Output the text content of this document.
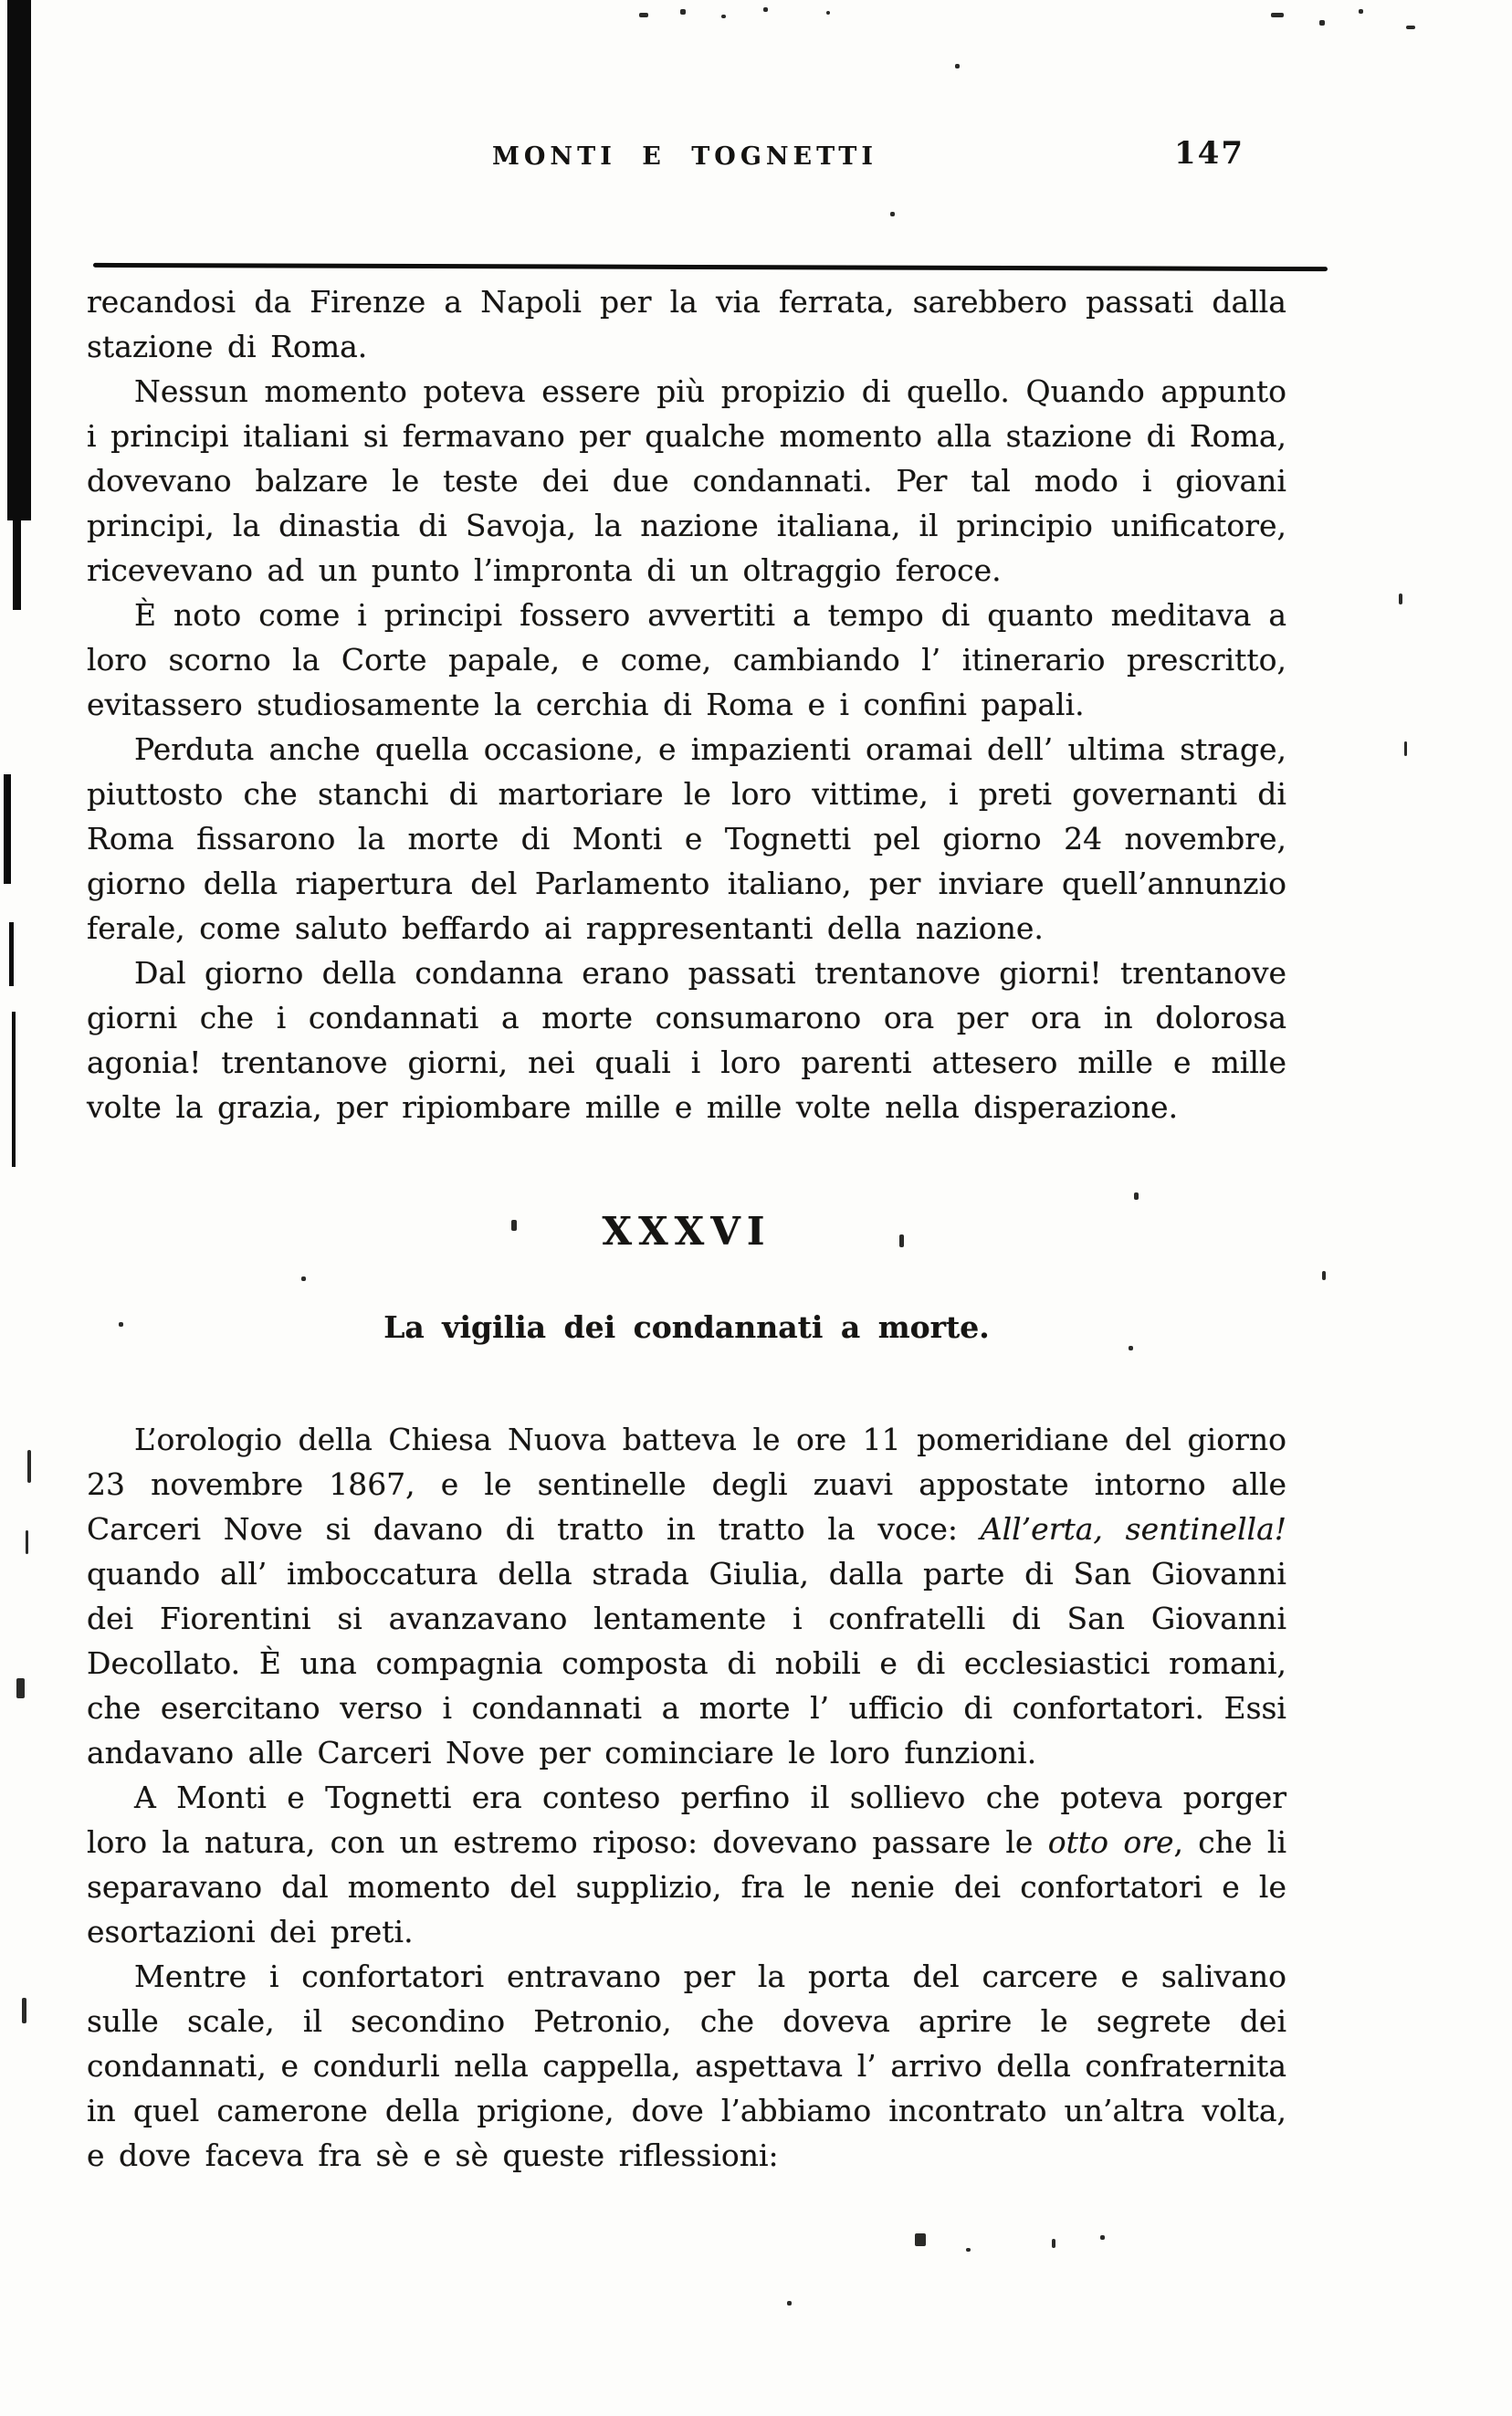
MONTI E TOGNETTI	147

recandosi da Firenze a Napoli per la via ferrata, sarebbero passati dalla stazione di Roma.

Nessun momento poteva essere più propizio di quello. Quando appunto i principi italiani si fermavano per qualche momento alla stazione di Roma, dovevano balzare le teste dei due condannati. Per tal modo i giovani principi, la dinastia di Savoja, la nazione italiana, il principio unificatore, ricevevano ad un punto l’impronta di un oltraggio feroce.

È noto come i principi fossero avvertiti a tempo di quanto meditava a loro scorno la Corte papale, e come, cambiando l’ itinerario prescritto, evitassero studiosamente la cerchia di Roma e i confini papali.

Perduta anche quella occasione, e impazienti oramai dell’ ultima strage, piuttosto che stanchi di martoriare le loro vittime, i preti governanti di Roma fissarono la morte di Monti e Tognetti pel giorno 24 novembre, giorno della riapertura del Parlamento italiano, per inviare quell’annunzio ferale, come saluto beffardo ai rappresentanti della nazione.

Dal giorno della condanna erano passati trentanove giorni! trentanove giorni che i condannati a morte consumarono ora per ora in dolorosa agonia! trentanove giorni, nei quali i loro parenti attesero mille e mille volte la grazia, per ripiombare mille e mille volte nella disperazione.

XXXVI
La vigilia dei condannati a morte.

L’orologio della Chiesa Nuova batteva le ore 11 pomeridiane del giorno 23 novembre 1867, e le sentinelle degli zuavi appostate intorno alle Carceri Nove si davano di tratto in tratto la voce: All’erta, sentinella! quando all’ imboccatura della strada Giulia, dalla parte di San Giovanni dei Fiorentini si avanzavano lentamente i confratelli di San Giovanni Decollato. È una compagnia composta di nobili e di ecclesiastici romani, che esercitano verso i condannati a morte l’ ufficio di confortatori. Essi andavano alle Carceri Nove per cominciare le loro funzioni.

A Monti e Tognetti era conteso perfino il sollievo che poteva porger loro la natura, con un estremo riposo: dovevano passare le otto ore, che li separavano dal momento del supplizio, fra le nenie dei confortatori e le esortazioni dei preti.

Mentre i confortatori entravano per la porta del carcere e salivano sulle scale, il secondino Petronio, che doveva aprire le segrete dei condannati, e condurli nella cappella, aspettava l’ arrivo della confraternita in quel camerone della prigione, dove l’abbiamo incontrato un’altra volta, e dove faceva fra sè e sè queste riflessioni:
